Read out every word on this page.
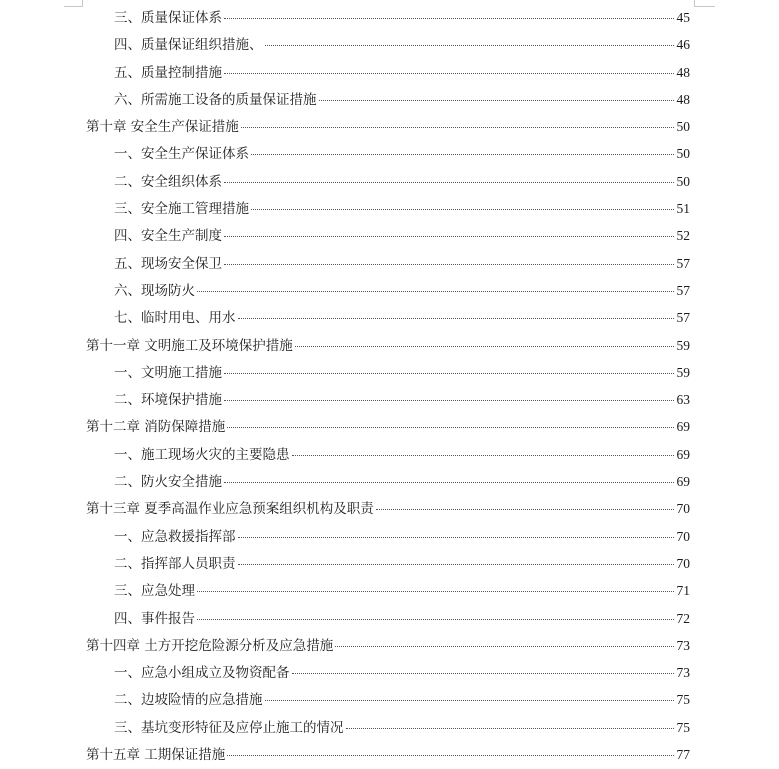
三、质量保证体系	45
四、质量保证组织措施、	46
五、质量控制措施	48
六、所需施工设备的质量保证措施	48
第十章 安全生产保证措施	50
一、安全生产保证体系	50
二、安全组织体系	50
三、安全施工管理措施	51
四、安全生产制度	52
五、现场安全保卫	57
六、现场防火	57
七、临时用电、用水	57
第十一章 文明施工及环境保护措施	59
一、文明施工措施	59
二、环境保护措施	63
第十二章 消防保障措施	69
一、施工现场火灾的主要隐患	69
二、防火安全措施	69
第十三章 夏季高温作业应急预案组织机构及职责	70
一、应急救援指挥部	70
二、指挥部人员职责	70
三、应急处理	71
四、事件报告	72
第十四章 土方开挖危险源分析及应急措施	73
一、应急小组成立及物资配备	73
二、边坡险情的应急措施	75
三、基坑变形特征及应停止施工的情况	75
第十五章 工期保证措施	77
